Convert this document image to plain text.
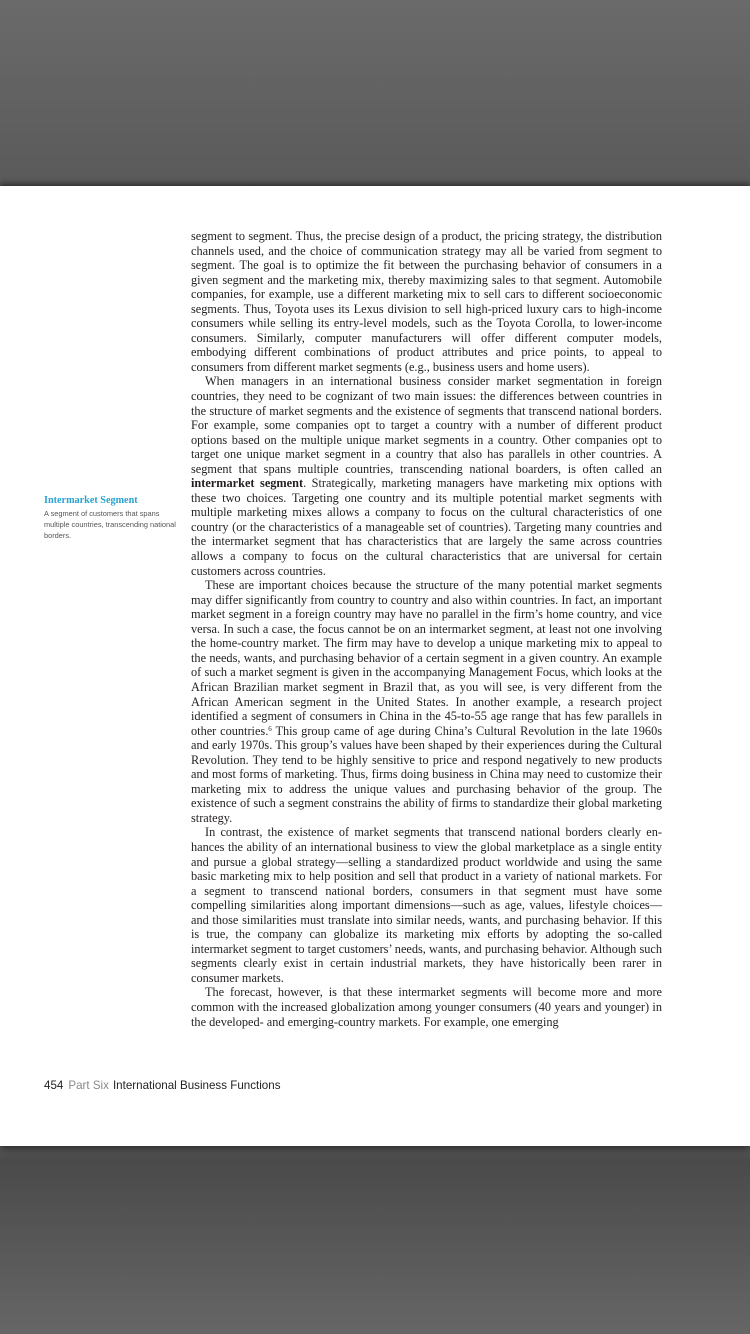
Intermarket Segment
A segment of customers that spans multiple countries, transcending national borders.

segment to segment. Thus, the precise design of a product, the pricing strategy, the distribution channels used, and the choice of communication strategy may all be varied from segment to segment. The goal is to optimize the fit between the purchasing behavior of consumers in a given segment and the marketing mix, thereby maximizing sales to that segment. Automobile companies, for example, use a different marketing mix to sell cars to different socioeconomic segments. Thus, Toyota uses its Lexus division to sell high-priced luxury cars to high-income consumers while selling its entry-level models, such as the Toyota Corolla, to lower-income consumers. Similarly, computer manufacturers will offer different computer models, embodying different combinations of product attributes and price points, to appeal to consumers from different market segments (e.g., business users and home users).

When managers in an international business consider market segmentation in foreign countries, they need to be cognizant of two main issues: the differences between countries in the structure of market segments and the existence of segments that transcend national borders. For example, some companies opt to target a country with a number of different product options based on the multiple unique market segments in a country. Other companies opt to target one unique market segment in a country that also has parallels in other countries. A segment that spans multiple countries, transcending national boarders, is often called an intermarket segment. Strategically, marketing managers have marketing mix options with these two choices. Targeting one country and its multiple potential market segments with multiple marketing mixes allows a company to focus on the cultural characteristics of one country (or the characteristics of a manageable set of countries). Targeting many countries and the intermarket segment that has characteristics that are largely the same across countries allows a company to focus on the cultural characteristics that are universal for certain customers across countries.

These are important choices because the structure of the many potential market segments may differ significantly from country to country and also within countries. In fact, an important market segment in a foreign country may have no parallel in the firm’s home country, and vice versa. In such a case, the focus cannot be on an intermarket segment, at least not one involving the home-country market. The firm may have to develop a unique marketing mix to appeal to the needs, wants, and purchasing behavior of a certain segment in a given country. An example of such a market segment is given in the accompanying Management Focus, which looks at the African Brazilian market segment in Brazil that, as you will see, is very different from the African American segment in the United States. In another example, a research project identified a segment of consumers in China in the 45-to-55 age range that has few parallels in other countries.$^6$ This group came of age during China’s Cultural Revolution in the late 1960s and early 1970s. This group’s values have been shaped by their experiences during the Cultural Revolution. They tend to be highly sensitive to price and respond negatively to new products and most forms of marketing. Thus, firms doing business in China may need to customize their marketing mix to address the unique values and purchasing behavior of the group. The existence of such a segment constrains the ability of firms to standardize their global marketing strategy.

In contrast, the existence of market segments that transcend national borders clearly enhances the ability of an international business to view the global marketplace as a single entity and pursue a global strategy—selling a standardized product worldwide and using the same basic marketing mix to help position and sell that product in a variety of national markets. For a segment to transcend national borders, consumers in that segment must have some compelling similarities along important dimensions—such as age, values, lifestyle choices—and those similarities must translate into similar needs, wants, and purchasing behavior. If this is true, the company can globalize its marketing mix efforts by adopting the so-called intermarket segment to target customers’ needs, wants, and purchasing behavior. Although such segments clearly exist in certain industrial markets, they have historically been rarer in consumer markets.

The forecast, however, is that these intermarket segments will become more and more common with the increased globalization among younger consumers (40 years and younger) in the developed- and emerging-country markets. For example, one emerging

454 Part Six International Business Functions
